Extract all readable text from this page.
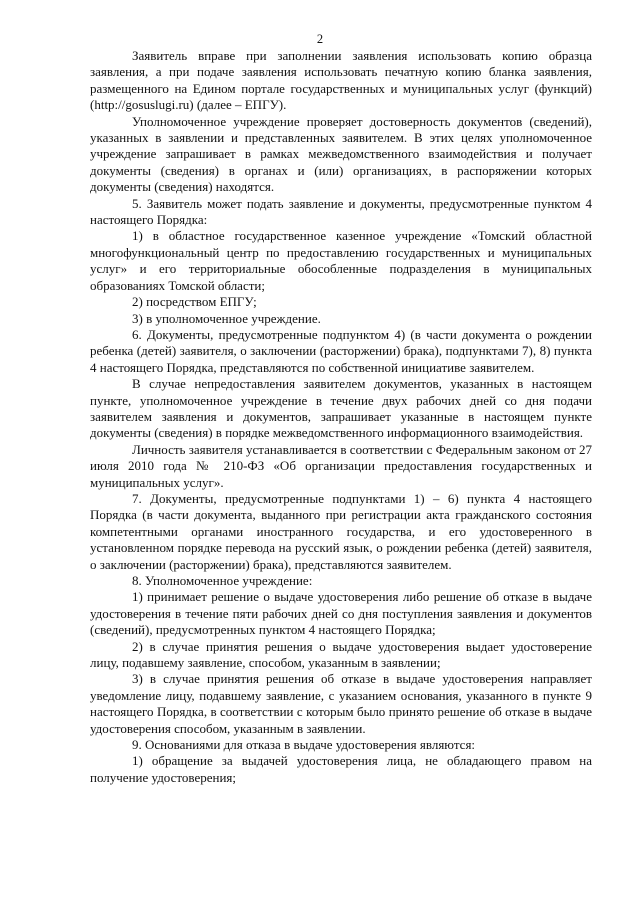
2

Заявитель вправе при заполнении заявления использовать копию образца заявления, а при подаче заявления использовать печатную копию бланка заявления, размещенного на Едином портале государственных и муниципальных услуг (функций) (http://gosuslugi.ru) (далее – ЕПГУ).

Уполномоченное учреждение проверяет достоверность документов (сведений), указанных в заявлении и представленных заявителем. В этих целях уполномоченное учреждение запрашивает в рамках межведомственного взаимодействия и получает документы (сведения) в органах и (или) организациях, в распоряжении которых документы (сведения) находятся.

5. Заявитель может подать заявление и документы, предусмотренные пунктом 4 настоящего Порядка:

1) в областное государственное казенное учреждение «Томский областной многофункциональный центр по предоставлению государственных и муниципальных услуг» и его территориальные обособленные подразделения в муниципальных образованиях Томской области;

2) посредством ЕПГУ;

3) в уполномоченное учреждение.

6. Документы, предусмотренные подпунктом 4) (в части документа о рождении ребенка (детей) заявителя, о заключении (расторжении) брака), подпунктами 7), 8) пункта 4 настоящего Порядка, представляются по собственной инициативе заявителем.

В случае непредоставления заявителем документов, указанных в настоящем пункте, уполномоченное учреждение в течение двух рабочих дней со дня подачи заявителем заявления и документов, запрашивает указанные в настоящем пункте документы (сведения) в порядке межведомственного информационного взаимодействия.

Личность заявителя устанавливается в соответствии с Федеральным законом от 27 июля 2010 года № 210-ФЗ «Об организации предоставления государственных и муниципальных услуг».

7. Документы, предусмотренные подпунктами 1) – 6) пункта 4 настоящего Порядка (в части документа, выданного при регистрации акта гражданского состояния компетентными органами иностранного государства, и его удостоверенного в установленном порядке перевода на русский язык, о рождении ребенка (детей) заявителя, о заключении (расторжении) брака), представляются заявителем.

8. Уполномоченное учреждение:

1) принимает решение о выдаче удостоверения либо решение об отказе в выдаче удостоверения в течение пяти рабочих дней со дня поступления заявления и документов (сведений), предусмотренных пунктом 4 настоящего Порядка;

2) в случае принятия решения о выдаче удостоверения выдает удостоверение лицу, подавшему заявление, способом, указанным в заявлении;

3) в случае принятия решения об отказе в выдаче удостоверения направляет уведомление лицу, подавшему заявление, с указанием основания, указанного в пункте 9 настоящего Порядка, в соответствии с которым было принято решение об отказе в выдаче удостоверения способом, указанным в заявлении.

9. Основаниями для отказа в выдаче удостоверения являются:

1) обращение за выдачей удостоверения лица, не обладающего правом на получение удостоверения;
